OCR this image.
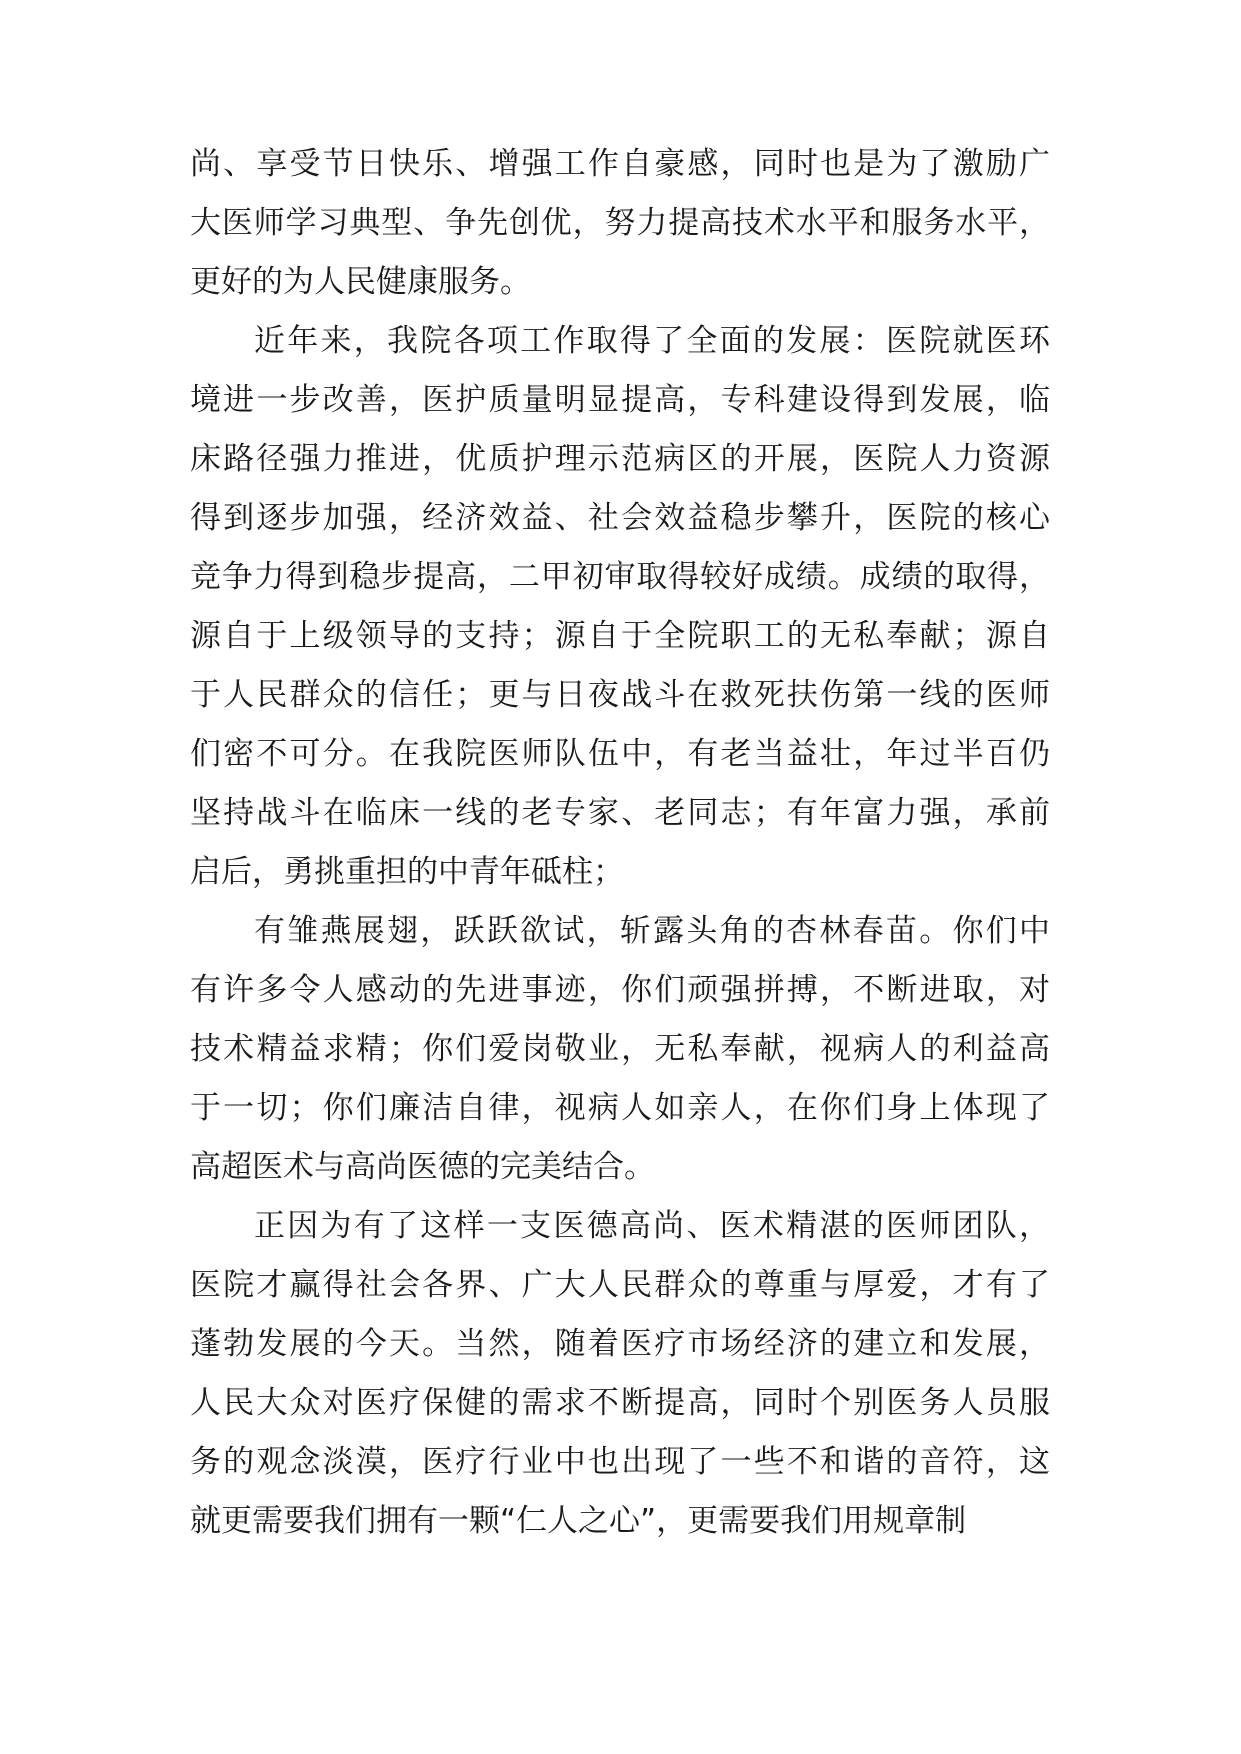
尚、享受节日快乐、增强工作自豪感，同时也是为了激励广
大医师学习典型、争先创优，努力提高技术水平和服务水平，
更好的为人民健康服务。
近年来，我院各项工作取得了全面的发展：医院就医环
境进一步改善，医护质量明显提高，专科建设得到发展，临
床路径强力推进，优质护理示范病区的开展，医院人力资源
得到逐步加强，经济效益、社会效益稳步攀升，医院的核心
竞争力得到稳步提高，二甲初审取得较好成绩。成绩的取得，
源自于上级领导的支持；源自于全院职工的无私奉献；源自
于人民群众的信任；更与日夜战斗在救死扶伤第一线的医师
们密不可分。在我院医师队伍中，有老当益壮，年过半百仍
坚持战斗在临床一线的老专家、老同志；有年富力强，承前
启后，勇挑重担的中青年砥柱；
有雏燕展翅，跃跃欲试，斩露头角的杏林春苗。你们中
有许多令人感动的先进事迹，你们顽强拼搏，不断进取，对
技术精益求精；你们爱岗敬业，无私奉献，视病人的利益高
于一切；你们廉洁自律，视病人如亲人，在你们身上体现了
高超医术与高尚医德的完美结合。
正因为有了这样一支医德高尚、医术精湛的医师团队，
医院才赢得社会各界、广大人民群众的尊重与厚爱，才有了
蓬勃发展的今天。当然，随着医疗市场经济的建立和发展，
人民大众对医疗保健的需求不断提高，同时个别医务人员服
务的观念淡漠，医疗行业中也出现了一些不和谐的音符，这
就更需要我们拥有一颗“仁人之心”，更需要我们用规章制
